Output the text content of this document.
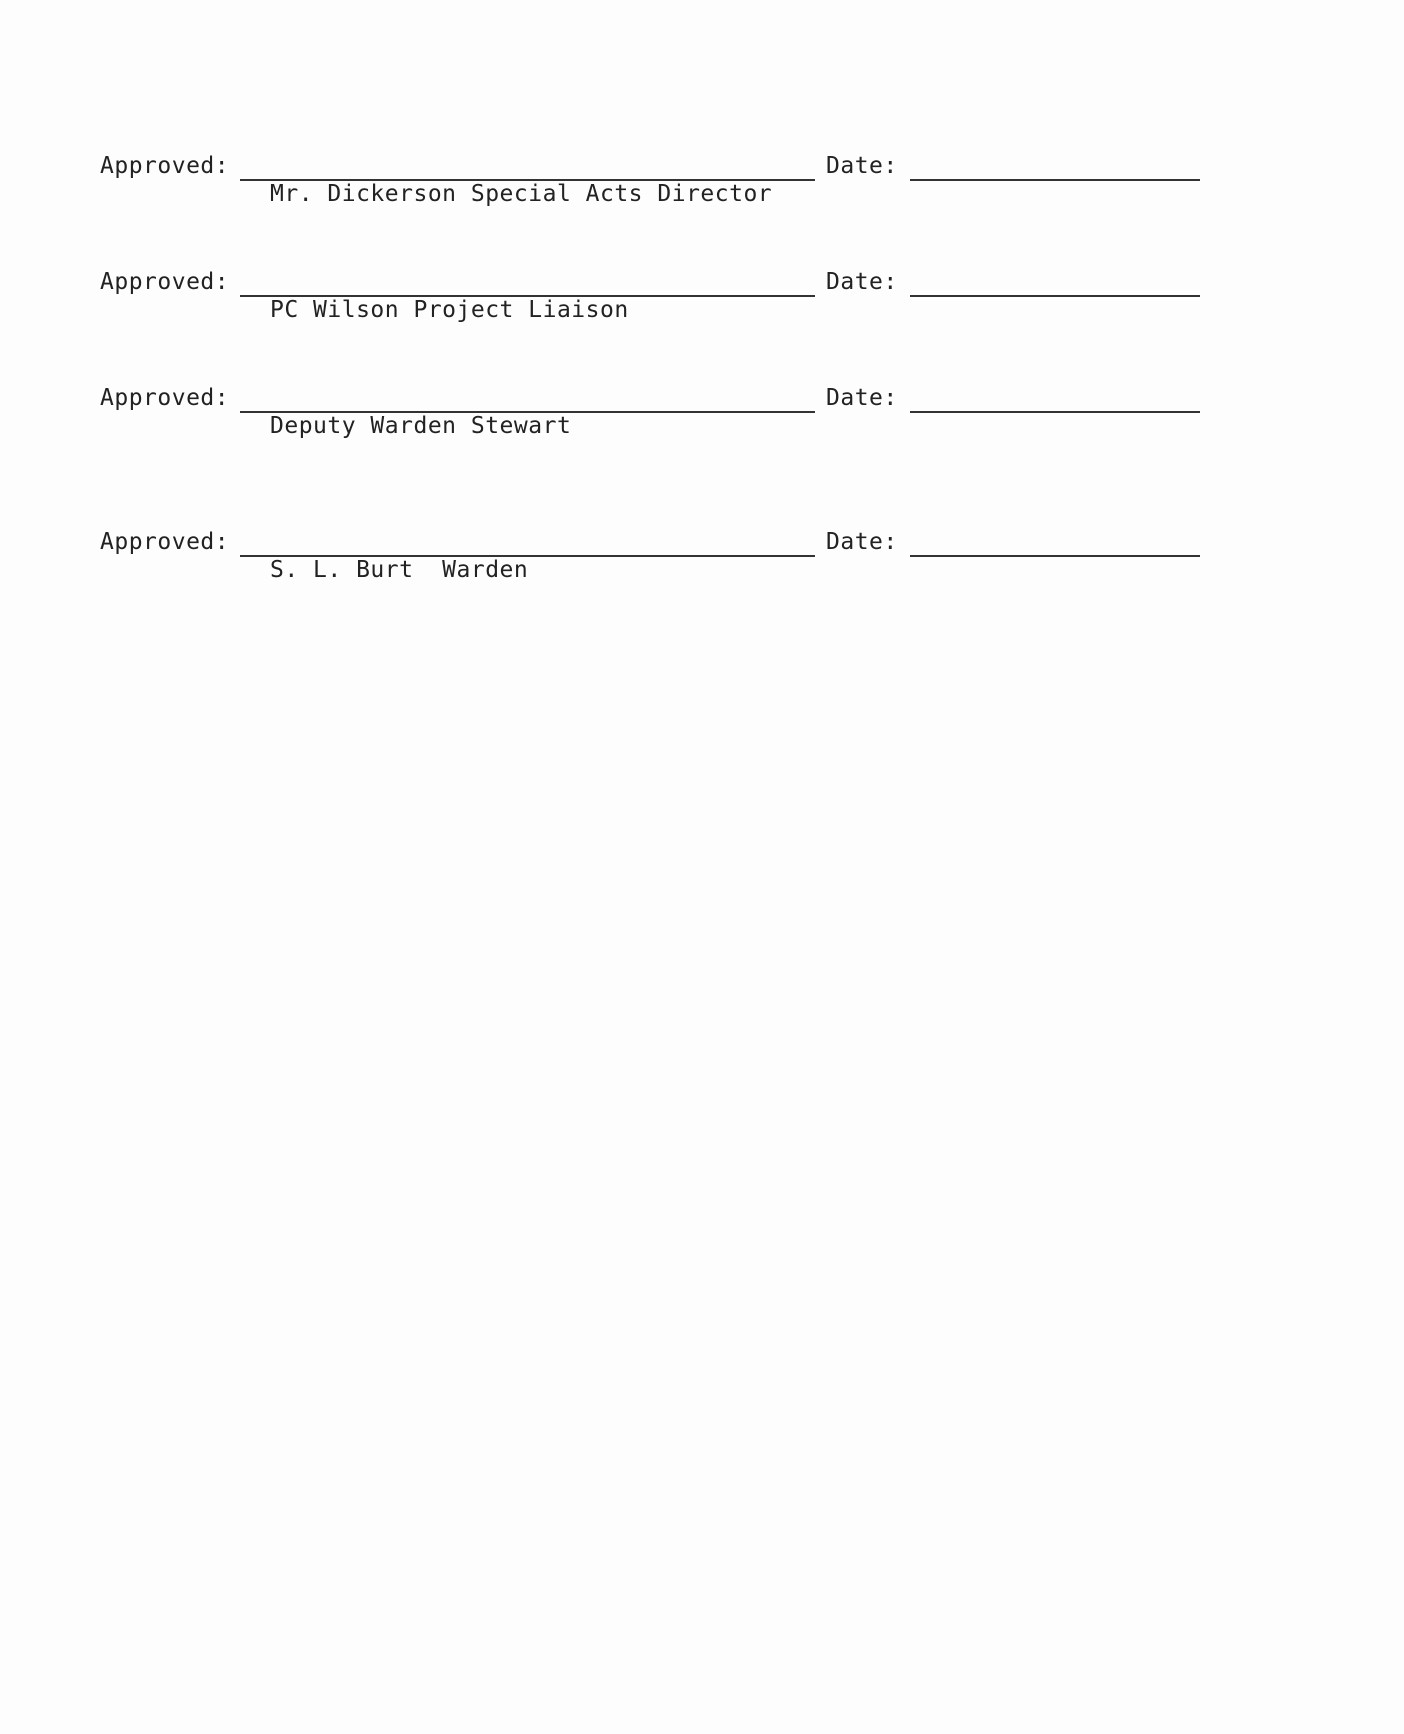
Approved:
Mr. Dickerson Special Acts Director
Date:
Approved:
PC Wilson Project Liaison
Date:
Approved:
Deputy Warden Stewart
Date:
Approved:
S. L. Burt  Warden
Date:
